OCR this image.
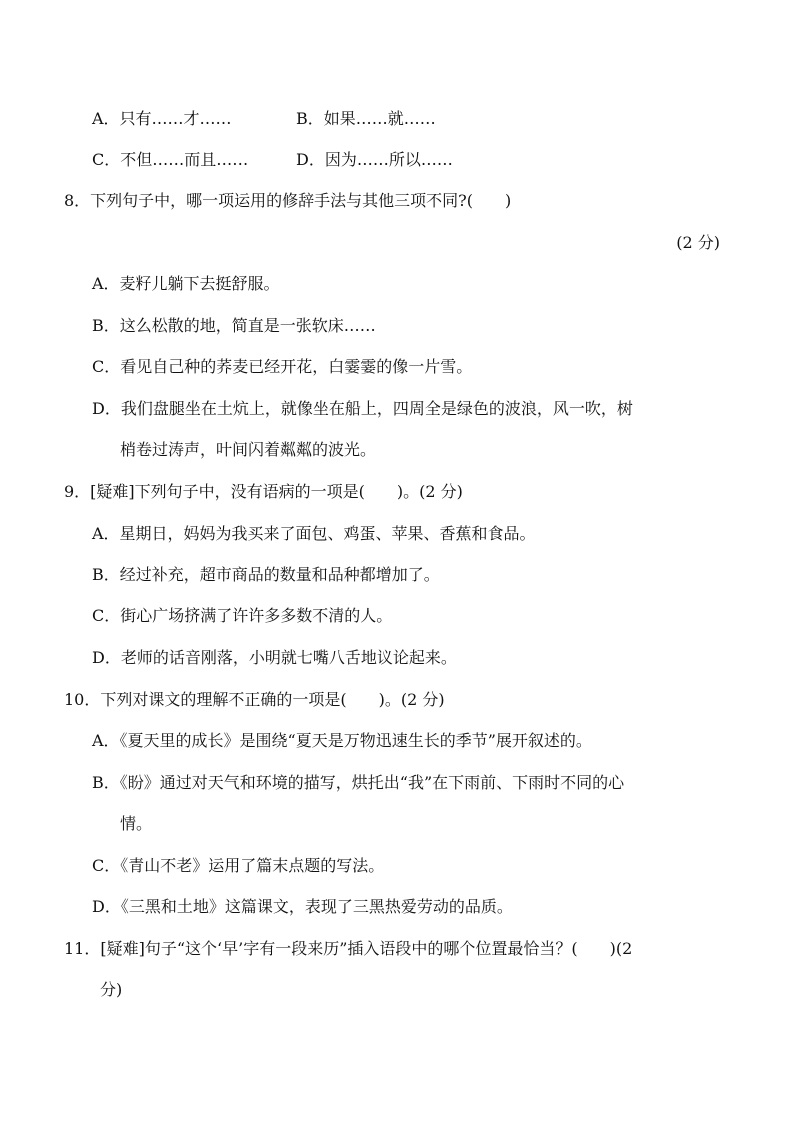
A．只有……才……	B．如果……就……
C．不但……而且……	D．因为……所以……
8．下列句子中，哪一项运用的修辞手法与其他三项不同?(　　)
(2 分)
A．麦籽儿躺下去挺舒服。
B．这么松散的地，简直是一张软床……
C．看见自己种的荞麦已经开花，白霎霎的像一片雪。
D．我们盘腿坐在土炕上，就像坐在船上，四周全是绿色的波浪，风一吹，树
梢卷过涛声，叶间闪着粼粼的波光。
9．[疑难]下列句子中，没有语病的一项是(　　)。(2 分)
A．星期日，妈妈为我买来了面包、鸡蛋、苹果、香蕉和食品。
B．经过补充，超市商品的数量和品种都增加了。
C．街心广场挤满了许许多多数不清的人。
D．老师的话音刚落，小明就七嘴八舌地议论起来。
10．下列对课文的理解不正确的一项是(　　)。(2 分)
A．《夏天里的成长》是围绕“夏天是万物迅速生长的季节”展开叙述的。
B．《盼》通过对天气和环境的描写，烘托出“我”在下雨前、下雨时不同的心
情。
C．《青山不老》运用了篇末点题的写法。
D．《三黑和土地》这篇课文，表现了三黑热爱劳动的品质。
11．[疑难]句子“这个‘早’字有一段来历”插入语段中的哪个位置最恰当？(　　)(2
分)
